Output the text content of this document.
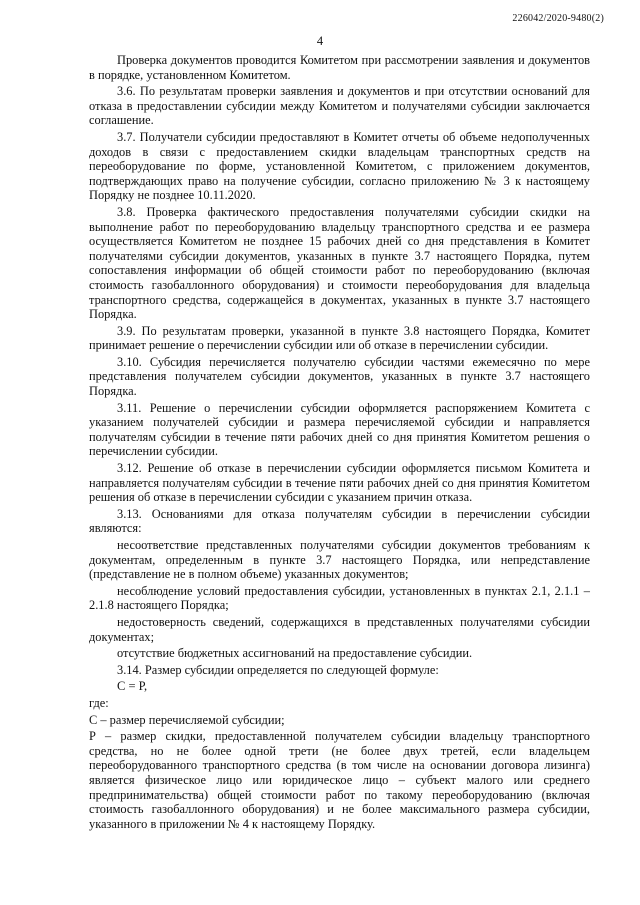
226042/2020-9480(2)
4

Проверка документов проводится Комитетом при рассмотрении заявления и документов в порядке, установленном Комитетом.

3.6. По результатам проверки заявления и документов и при отсутствии оснований для отказа в предоставлении субсидии между Комитетом и получателями субсидии заключается соглашение.

3.7. Получатели субсидии предоставляют в Комитет отчеты об объеме недополученных доходов в связи с предоставлением скидки владельцам транспортных средств на переоборудование по форме, установленной Комитетом, с приложением документов, подтверждающих право на получение субсидии, согласно приложению № 3 к настоящему Порядку не позднее 10.11.2020.

3.8. Проверка фактического предоставления получателями субсидии скидки на выполнение работ по переоборудованию владельцу транспортного средства и ее размера осуществляется Комитетом не позднее 15 рабочих дней со дня представления в Комитет получателями субсидии документов, указанных в пункте 3.7 настоящего Порядка, путем сопоставления информации об общей стоимости работ по переоборудованию (включая стоимость газобаллонного оборудования) и стоимости переоборудования для владельца транспортного средства, содержащейся в документах, указанных в пункте 3.7 настоящего Порядка.

3.9. По результатам проверки, указанной в пункте 3.8 настоящего Порядка, Комитет принимает решение о перечислении субсидии или об отказе в перечислении субсидии.

3.10. Субсидия перечисляется получателю субсидии частями ежемесячно по мере представления получателем субсидии документов, указанных в пункте 3.7 настоящего Порядка.

3.11. Решение о перечислении субсидии оформляется распоряжением Комитета с указанием получателей субсидии и размера перечисляемой субсидии и направляется получателям субсидии в течение пяти рабочих дней со дня принятия Комитетом решения о перечислении субсидии.

3.12. Решение об отказе в перечислении субсидии оформляется письмом Комитета и направляется получателям субсидии в течение пяти рабочих дней со дня принятия Комитетом решения об отказе в перечислении субсидии с указанием причин отказа.

3.13. Основаниями для отказа получателям субсидии в перечислении субсидии являются:

несоответствие представленных получателями субсидии документов требованиям к документам, определенным в пункте 3.7 настоящего Порядка, или непредставление (представление не в полном объеме) указанных документов;

несоблюдение условий предоставления субсидии, установленных в пунктах 2.1, 2.1.1 – 2.1.8 настоящего Порядка;

недостоверность сведений, содержащихся в представленных получателями субсидии документах;

отсутствие бюджетных ассигнований на предоставление субсидии.

3.14. Размер субсидии определяется по следующей формуле:

С = Р,

где:

С – размер перечисляемой субсидии;

Р – размер скидки, предоставленной получателем субсидии владельцу транспортного средства, но не более одной трети (не более двух третей, если владельцем переоборудованного транспортного средства (в том числе на основании договора лизинга) является физическое лицо или юридическое лицо – субъект малого или среднего предпринимательства) общей стоимости работ по такому переоборудованию (включая стоимость газобаллонного оборудования) и не более максимального размера субсидии, указанного в приложении № 4 к настоящему Порядку.
